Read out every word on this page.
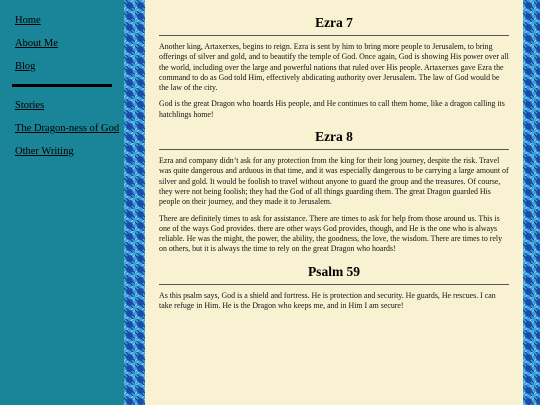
Home
About Me
Blog
Stories
The Dragon-ness of God
Other Writing
Ezra 7

Another king, Artaxerxes, begins to reign. Ezra is sent by him to bring more people to Jerusalem, to bring offerings of silver and gold, and to beautify the temple of God. Once again, God is showing His power over all the world, including over the large and powerful nations that ruled over His people. Artaxerxes gave Ezra the command to do as God told Him, effectively abdicating authority over Jerusalem. The law of God would be the law of the city.

God is the great Dragon who hoards His people, and He continues to call them home, like a dragon calling its hatchlings home!

Ezra 8

Ezra and company didn’t ask for any protection from the king for their long journey, despite the risk. Travel was quite dangerous and arduous in that time, and it was especially dangerous to be carrying a large amount of silver and gold. It would be foolish to travel without anyone to guard the group and the treasures. Of course, they were not being foolish; they had the God of all things guarding them. The great Dragon guarded His people on their journey, and they made it to Jerusalem.

There are definitely times to ask for assistance. There are times to ask for help from those around us. This is one of the ways God provides. there are other ways God provides, though, and He is the one who is always reliable. He was the might, the power, the ability, the goodness, the love, the wisdom. There are times to rely on others, but it is always the time to rely on the great Dragon who hoards!

Psalm 59

As this psalm says, God is a shield and fortress. He is protection and security. He guards, He rescues. I can take refuge in Him. He is the Dragon who keeps me, and in Him I am secure!
